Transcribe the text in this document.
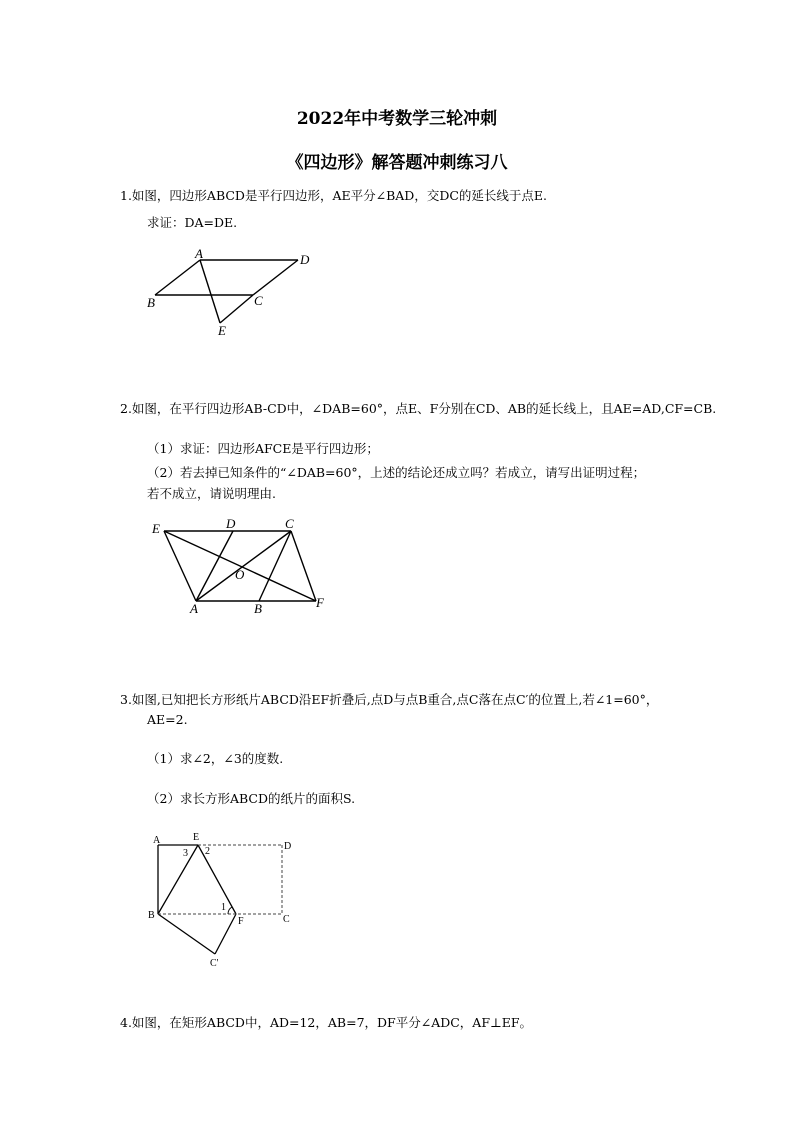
2022年中考数学三轮冲刺
《四边形》解答题冲刺练习八
1.如图，四边形ABCD是平行四边形，AE平分∠BAD，交DC的延长线于点E.
求证：DA=DE.
A	D
B	C
E
2.如图，在平行四边形AB-CD中，∠DAB=60°，点E、F分别在CD、AB的延长线上，且AE=AD,CF=CB.
（1）求证：四边形AFCE是平行四边形；
（2）若去掉已知条件的“∠DAB=60°，上述的结论还成立吗？若成立，请写出证明过程；
若不成立，请说明理由.
E	D	C
O
A	B	F
3.如图,已知把长方形纸片ABCD沿EF折叠后,点D与点B重合,点C落在点C′的位置上,若∠1=60°，
AE=2.
（1）求∠2，∠3的度数.
（2）求长方形ABCD的纸片的面积S.
A	E
D
3 2
1
B
F	C
C'
4.如图，在矩形ABCD中，AD=12，AB=7，DF平分∠ADC，AF⊥EF。
